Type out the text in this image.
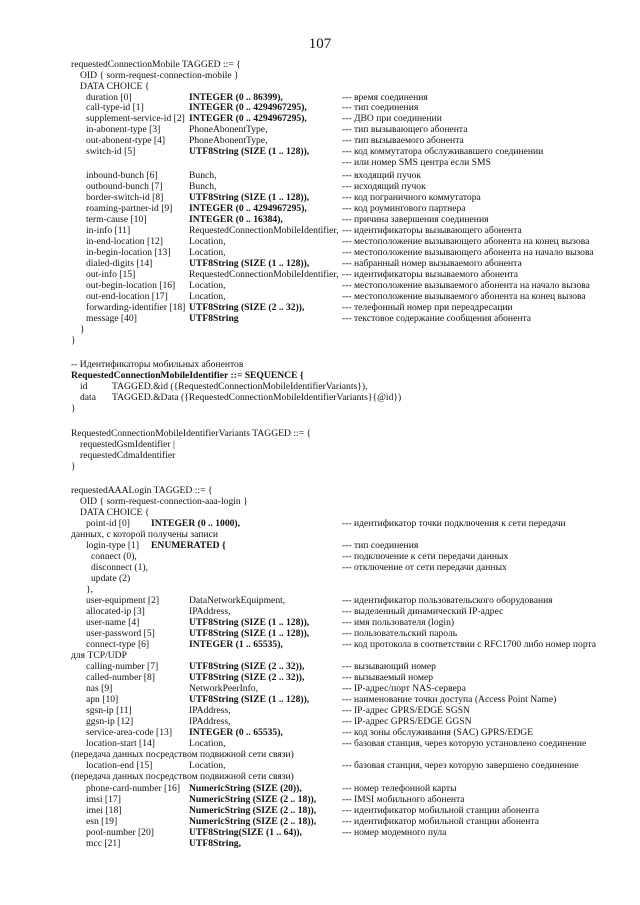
107
requestedConnectionMobile TAGGED ::= {
OID { sorm-request-connection-mobile }
DATA CHOICE {
duration [0]	INTEGER (0 .. 86399),	--- время соединения
call-type-id [1]	INTEGER (0 .. 4294967295),	--- тип соединения
supplement-service-id [2] INTEGER (0 .. 4294967295),	--- ДВО при соединении
in-abonent-type [3]	PhoneAbonentType,	--- тип вызывающего абонента
out-abonent-type [4] PhoneAbonentType,	--- тип вызываемого абонента
switch-id [5]	UTF8String (SIZE (1 .. 128)),	--- код коммутатора обслуживавшего соединении
--- или номер SMS центра если SMS
inbound-bunch [6]	Bunch,	--- входящий пучок
outbound-bunch [7]	Bunch,	--- исходящий пучок
border-switch-id [8]	UTF8String (SIZE (1 .. 128)),	--- код пограничного коммутатора
roaming-partner-id [9] INTEGER (0 .. 4294967295),	--- код роумингового партнера
term-cause [10]	INTEGER (0 .. 16384),	--- причина завершения соединения
in-info [11]	RequestedConnectionMobileIdentifier, --- идентификаторы вызывающего абонента
in-end-location [12]	Location,	--- местоположение вызывающего абонента на конец вызова
in-begin-location [13] Location,	--- местоположение вызывающего абонента на начало вызова
dialed-digits [14]	UTF8String (SIZE (1 .. 128)),	--- набранный номер вызываемого абонента
out-info [15]	RequestedConnectionMobileIdentifier, --- идентификаторы вызываемого абонента
out-begin-location [16] Location,	--- местоположение вызываемого абонента на начало вызова
out-end-location [17] Location,	--- местоположение вызываемого абонента на конец вызова
forwarding-identifier [18] UTF8String (SIZE (2 .. 32)),	--- телефонный номер при переадресации
message [40]	UTF8String	--- текстовое содержание сообщения абонента
}
}
-- Идентификаторы мобильных абонентов
RequestedConnectionMobileIdentifier ::= SEQUENCE {
id	TAGGED.&id ({RequestedConnectionMobileIdentifierVariants}),
data TAGGED.&Data ({RequestedConnectionMobileIdentifierVariants}{@id})
}
RequestedConnectionMobileIdentifierVariants TAGGED ::= {
requestedGsmIdentifier |
requestedCdmaIdentifier
}
requestedAAALogin TAGGED ::= {
OID { sorm-request-connection-aaa-login }
DATA CHOICE {
point-id [0] INTEGER (0 .. 1000),	--- идентификатор точки подключения к сети передачи
данных, с которой получены записи
login-type [1] ENUMERATED {	--- тип соединения
connect (0),	--- подключение к сети передачи данных
disconnect (1),	--- отключение от сети передачи данных
update (2)
},
user-equipment [2]	DataNetworkEquipment,	--- идентификатор пользовательского оборудования
allocated-ip [3]	IPAddress,	--- выделенный динамический IP-адрес
user-name [4]	UTF8String (SIZE (1 .. 128)),	--- имя пользователя (login)
user-password [5]	UTF8String (SIZE (1 .. 128)),	--- пользовательский пароль
connect-type [6]	INTEGER (1 .. 65535),	--- код протокола в соответствии с RFC1700 либо номер порта
для TCP/UDP
calling-number [7]	UTF8String (SIZE (2 .. 32)),	--- вызывающий номер
called-number [8]	UTF8String (SIZE (2 .. 32)),	--- вызываемый номер
nas [9]	NetworkPeerInfo,	--- IP-адрес/порт NAS-сервера
apn [10]	UTF8String (SIZE (1 .. 128)),	--- наименование точки доступа (Access Point Name)
sgsn-ip [11]	IPAddress,	--- IP-адрес GPRS/EDGE SGSN
ggsn-ip [12]	IPAddress,	--- IP-адрес GPRS/EDGE GGSN
service-area-code [13] INTEGER (0 .. 65535),	--- код зоны обслуживания (SAC) GPRS/EDGE
location-start [14]	Location,	--- базовая станция, через которую установлено соединение
(передача данных посредством подвижной сети связи)
location-end [15]	Location,	--- базовая станция, через которую завершено соединение
(передача данных посредством подвижной сети связи)
phone-card-number [16] NumericString (SIZE (20)),	--- номер телефонной карты
imsi [17]	NumericString (SIZE (2 .. 18)),	--- IMSI мобильного абонента
imei [18]	NumericString (SIZE (2 .. 18)),	--- идентификатор мобильной станции абонента
esn [19]	NumericString (SIZE (2 .. 18)),	--- идентификатор мобильной станции абонента
pool-number [20]	UTF8String(SIZE (1 .. 64)),	--- номер модемного пула
mcc [21]	UTF8String,
